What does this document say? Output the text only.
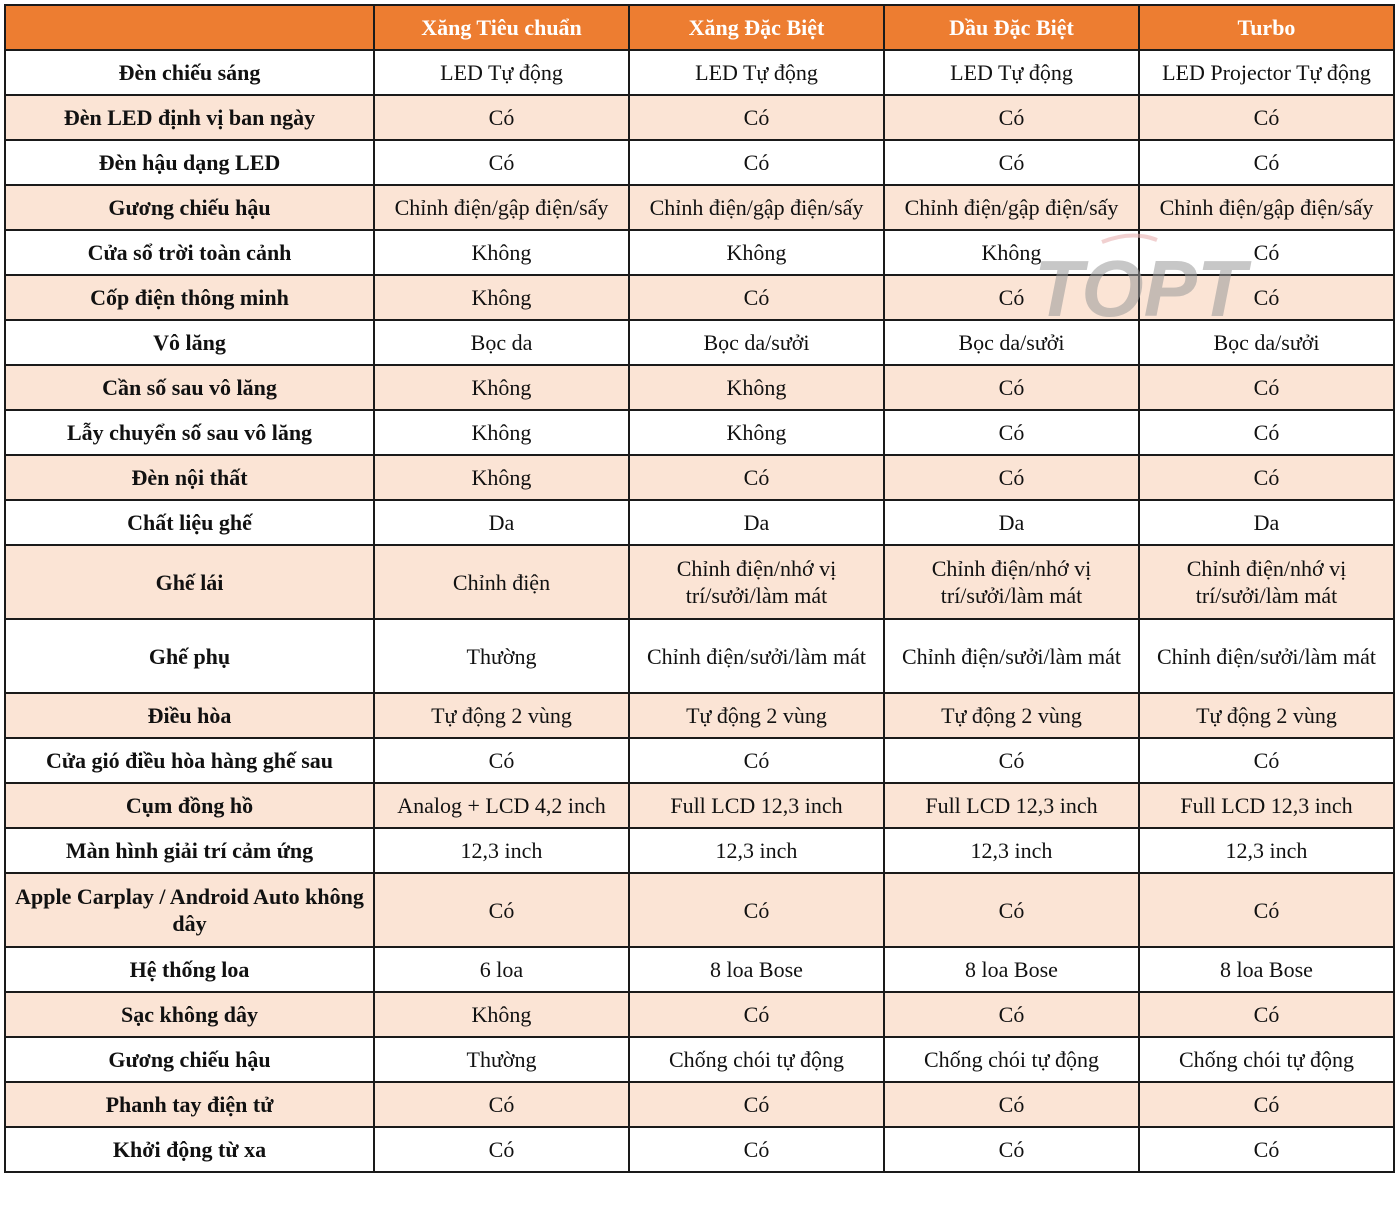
	Xăng Tiêu chuẩn	Xăng Đặc Biệt	Dầu Đặc Biệt	Turbo
Đèn chiếu sáng	LED Tự động	LED Tự động	LED Tự động	LED Projector Tự động
Đèn LED định vị ban ngày	Có	Có	Có	Có
Đèn hậu dạng LED	Có	Có	Có	Có
Gương chiếu hậu	Chỉnh điện/gập điện/sấy	Chỉnh điện/gập điện/sấy	Chỉnh điện/gập điện/sấy	Chỉnh điện/gập điện/sấy
Cửa sổ trời toàn cảnh	Không	Không	Không	Có
Cốp điện thông minh	Không	Có	Có	Có
Vô lăng	Bọc da	Bọc da/sưởi	Bọc da/sưởi	Bọc da/sưởi
Cần số sau vô lăng	Không	Không	Có	Có
Lẫy chuyển số sau vô lăng	Không	Không	Có	Có
Đèn nội thất	Không	Có	Có	Có
Chất liệu ghế	Da	Da	Da	Da
Ghế lái	Chỉnh điện	Chỉnh điện/nhớ vị trí/sưởi/làm mát	Chỉnh điện/nhớ vị trí/sưởi/làm mát	Chỉnh điện/nhớ vị trí/sưởi/làm mát
Ghế phụ	Thường	Chỉnh điện/sưởi/làm mát	Chỉnh điện/sưởi/làm mát	Chỉnh điện/sưởi/làm mát
Điều hòa	Tự động 2 vùng	Tự động 2 vùng	Tự động 2 vùng	Tự động 2 vùng
Cửa gió điều hòa hàng ghế sau	Có	Có	Có	Có
Cụm đồng hồ	Analog + LCD 4,2 inch	Full LCD 12,3 inch	Full LCD 12,3 inch	Full LCD 12,3 inch
Màn hình giải trí cảm ứng	12,3 inch	12,3 inch	12,3 inch	12,3 inch
Apple Carplay / Android Auto không dây	Có	Có	Có	Có
Hệ thống loa	6 loa	8 loa Bose	8 loa Bose	8 loa Bose
Sạc không dây	Không	Có	Có	Có
Gương chiếu hậu	Thường	Chống chói tự động	Chống chói tự động	Chống chói tự động
Phanh tay điện tử	Có	Có	Có	Có
Khởi động từ xa	Có	Có	Có	Có
TOPT
